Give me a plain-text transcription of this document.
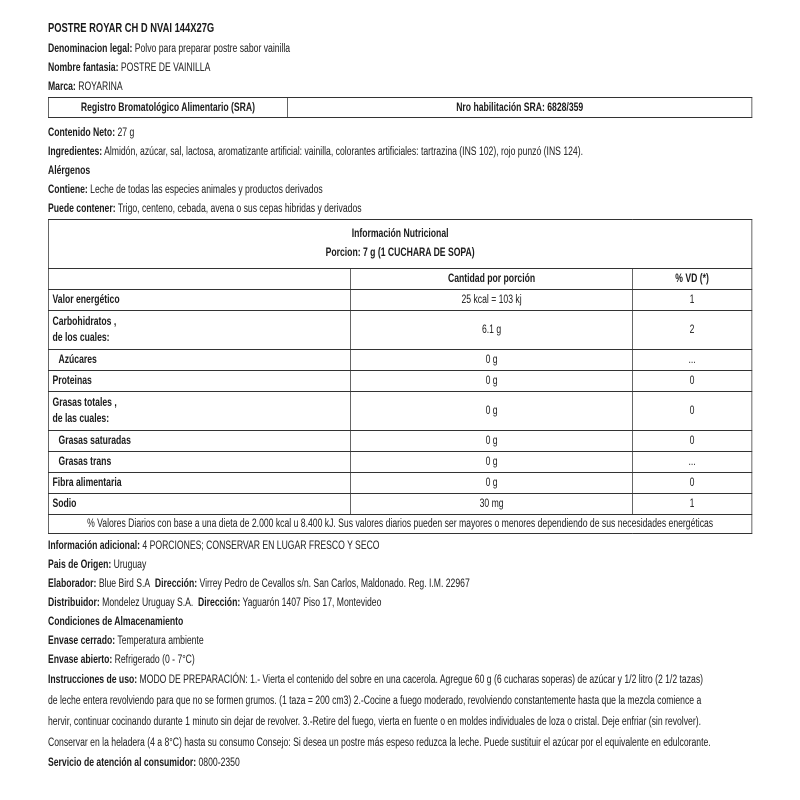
POSTRE ROYAR CH D NVAI 144X27G
Denominacion legal: Polvo para preparar postre sabor vainilla
Nombre fantasia: POSTRE DE VAINILLA
Marca: ROYARINA
Registro Bromatológico Alimentario (SRA)	Nro habilitación SRA: 6828/359
Contenido Neto: 27 g
Ingredientes: Almidón, azúcar, sal, lactosa, aromatizante artificial: vainilla, colorantes artificiales: tartrazina (INS 102), rojo punzó (INS 124).
Alérgenos
Contiene: Leche de todas las especies animales y productos derivados
Puede contener: Trigo, centeno, cebada, avena o sus cepas hibridas y derivados
Información Nutricional
Porcion: 7 g (1 CUCHARA DE SOPA)		

	Cantidad por porción	% VD (*)

Valor energético	25 kcal = 103 kj	1

Carbohidratos ,
de los cuales:	6.1 g	2

Azúcares	0 g	...

Proteinas	0 g	0

Grasas totales ,
de las cuales:	0 g	0

Grasas saturadas	0 g	0

Grasas trans	0 g	...

Fibra alimentaria	0 g	0

Sodio	30 mg	1
% Valores Diarios con base a una dieta de 2.000 kcal u 8.400 kJ. Sus valores diarios pueden ser mayores o menores dependiendo de sus necesidades energéticas		
Información adicional: 4 PORCIONES; CONSERVAR EN LUGAR FRESCO Y SECO
Pais de Origen: Uruguay
Elaborador: Blue Bird S.A Dirección: Virrey Pedro de Cevallos s/n. San Carlos, Maldonado. Reg. I.M. 22967
Distribuidor: Mondelez Uruguay S.A. Dirección: Yaguarón 1407 Piso 17, Montevideo
Condiciones de Almacenamiento
Envase cerrado: Temperatura ambiente
Envase abierto: Refrigerado (0 - 7°C)
Instrucciones de uso: MODO DE PREPARACIÓN: 1.- Vierta el contenido del sobre en una cacerola. Agregue 60 g (6 cucharas soperas) de azúcar y 1/2 litro (2 1/2 tazas)
de leche entera revolviendo para que no se formen grumos. (1 taza = 200 cm3) 2.-Cocine a fuego moderado, revolviendo constantemente hasta que la mezcla comience a
hervir, continuar cocinando durante 1 minuto sin dejar de revolver. 3.-Retire del fuego, vierta en fuente o en moldes individuales de loza o cristal. Deje enfriar (sin revolver).
Conservar en la heladera (4 a 8°C) hasta su consumo Consejo: Si desea un postre más espeso reduzca la leche. Puede sustituir el azúcar por el equivalente en edulcorante.
Servicio de atención al consumidor: 0800-2350
